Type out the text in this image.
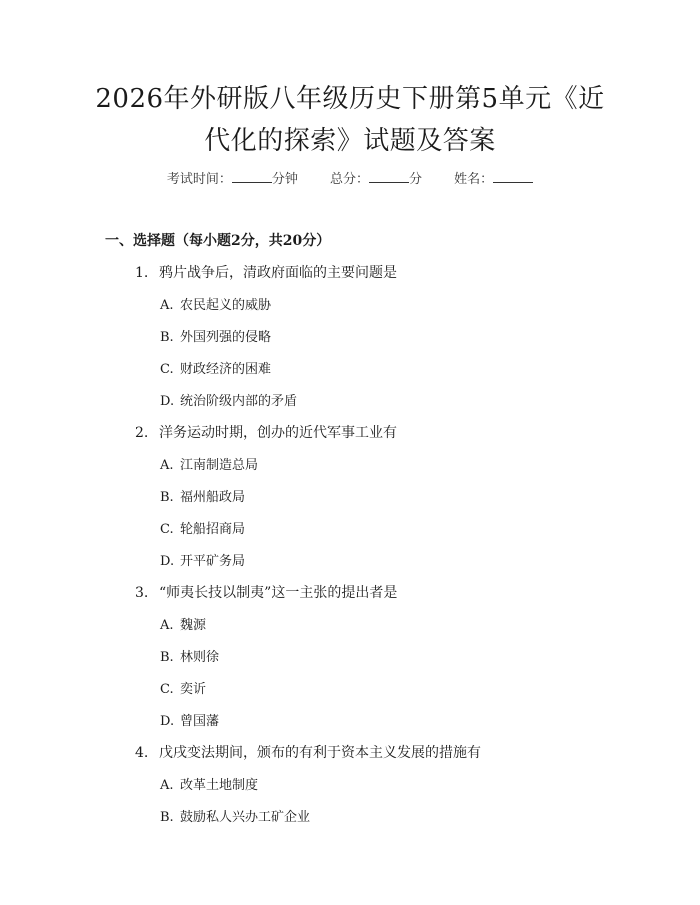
2026年外研版八年级历史下册第5单元《近
代化的探索》试题及答案
考试时间：	分钟 总分：	分 姓名：
一、选择题（每小题2分，共20分）
1. 鸦片战争后，清政府面临的主要问题是
A. 农民起义的威胁
B. 外国列强的侵略
C. 财政经济的困难
D. 统治阶级内部的矛盾
2. 洋务运动时期，创办的近代军事工业有
A. 江南制造总局
B. 福州船政局
C. 轮船招商局
D. 开平矿务局
3. “师夷长技以制夷”这一主张的提出者是
A. 魏源
B. 林则徐
C. 奕䜣
D. 曾国藩
4. 戊戌变法期间，颁布的有利于资本主义发展的措施有
A. 改革土地制度
B. 鼓励私人兴办工矿企业
